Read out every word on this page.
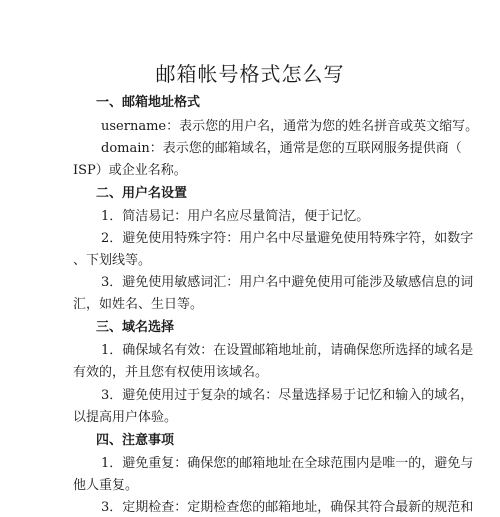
邮箱帐号格式怎么写
一、邮箱地址格式
username：表示您的用户名，通常为您的姓名拼音或英文缩写。
domain：表示您的邮箱域名，通常是您的互联网服务提供商（
ISP）或企业名称。
二、用户名设置
1．简洁易记：用户名应尽量简洁，便于记忆。
2．避免使用特殊字符：用户名中尽量避免使用特殊字符，如数字
、下划线等。
3．避免使用敏感词汇：用户名中避免使用可能涉及敏感信息的词
汇，如姓名、生日等。
三、域名选择
1．确保域名有效：在设置邮箱地址前，请确保您所选择的域名是
有效的，并且您有权使用该域名。
3．避免使用过于复杂的域名：尽量选择易于记忆和输入的域名，
以提高用户体验。
四、注意事项
1．避免重复：确保您的邮箱地址在全球范围内是唯一的，避免与
他人重复。
3．定期检查：定期检查您的邮箱地址，确保其符合最新的规范和
